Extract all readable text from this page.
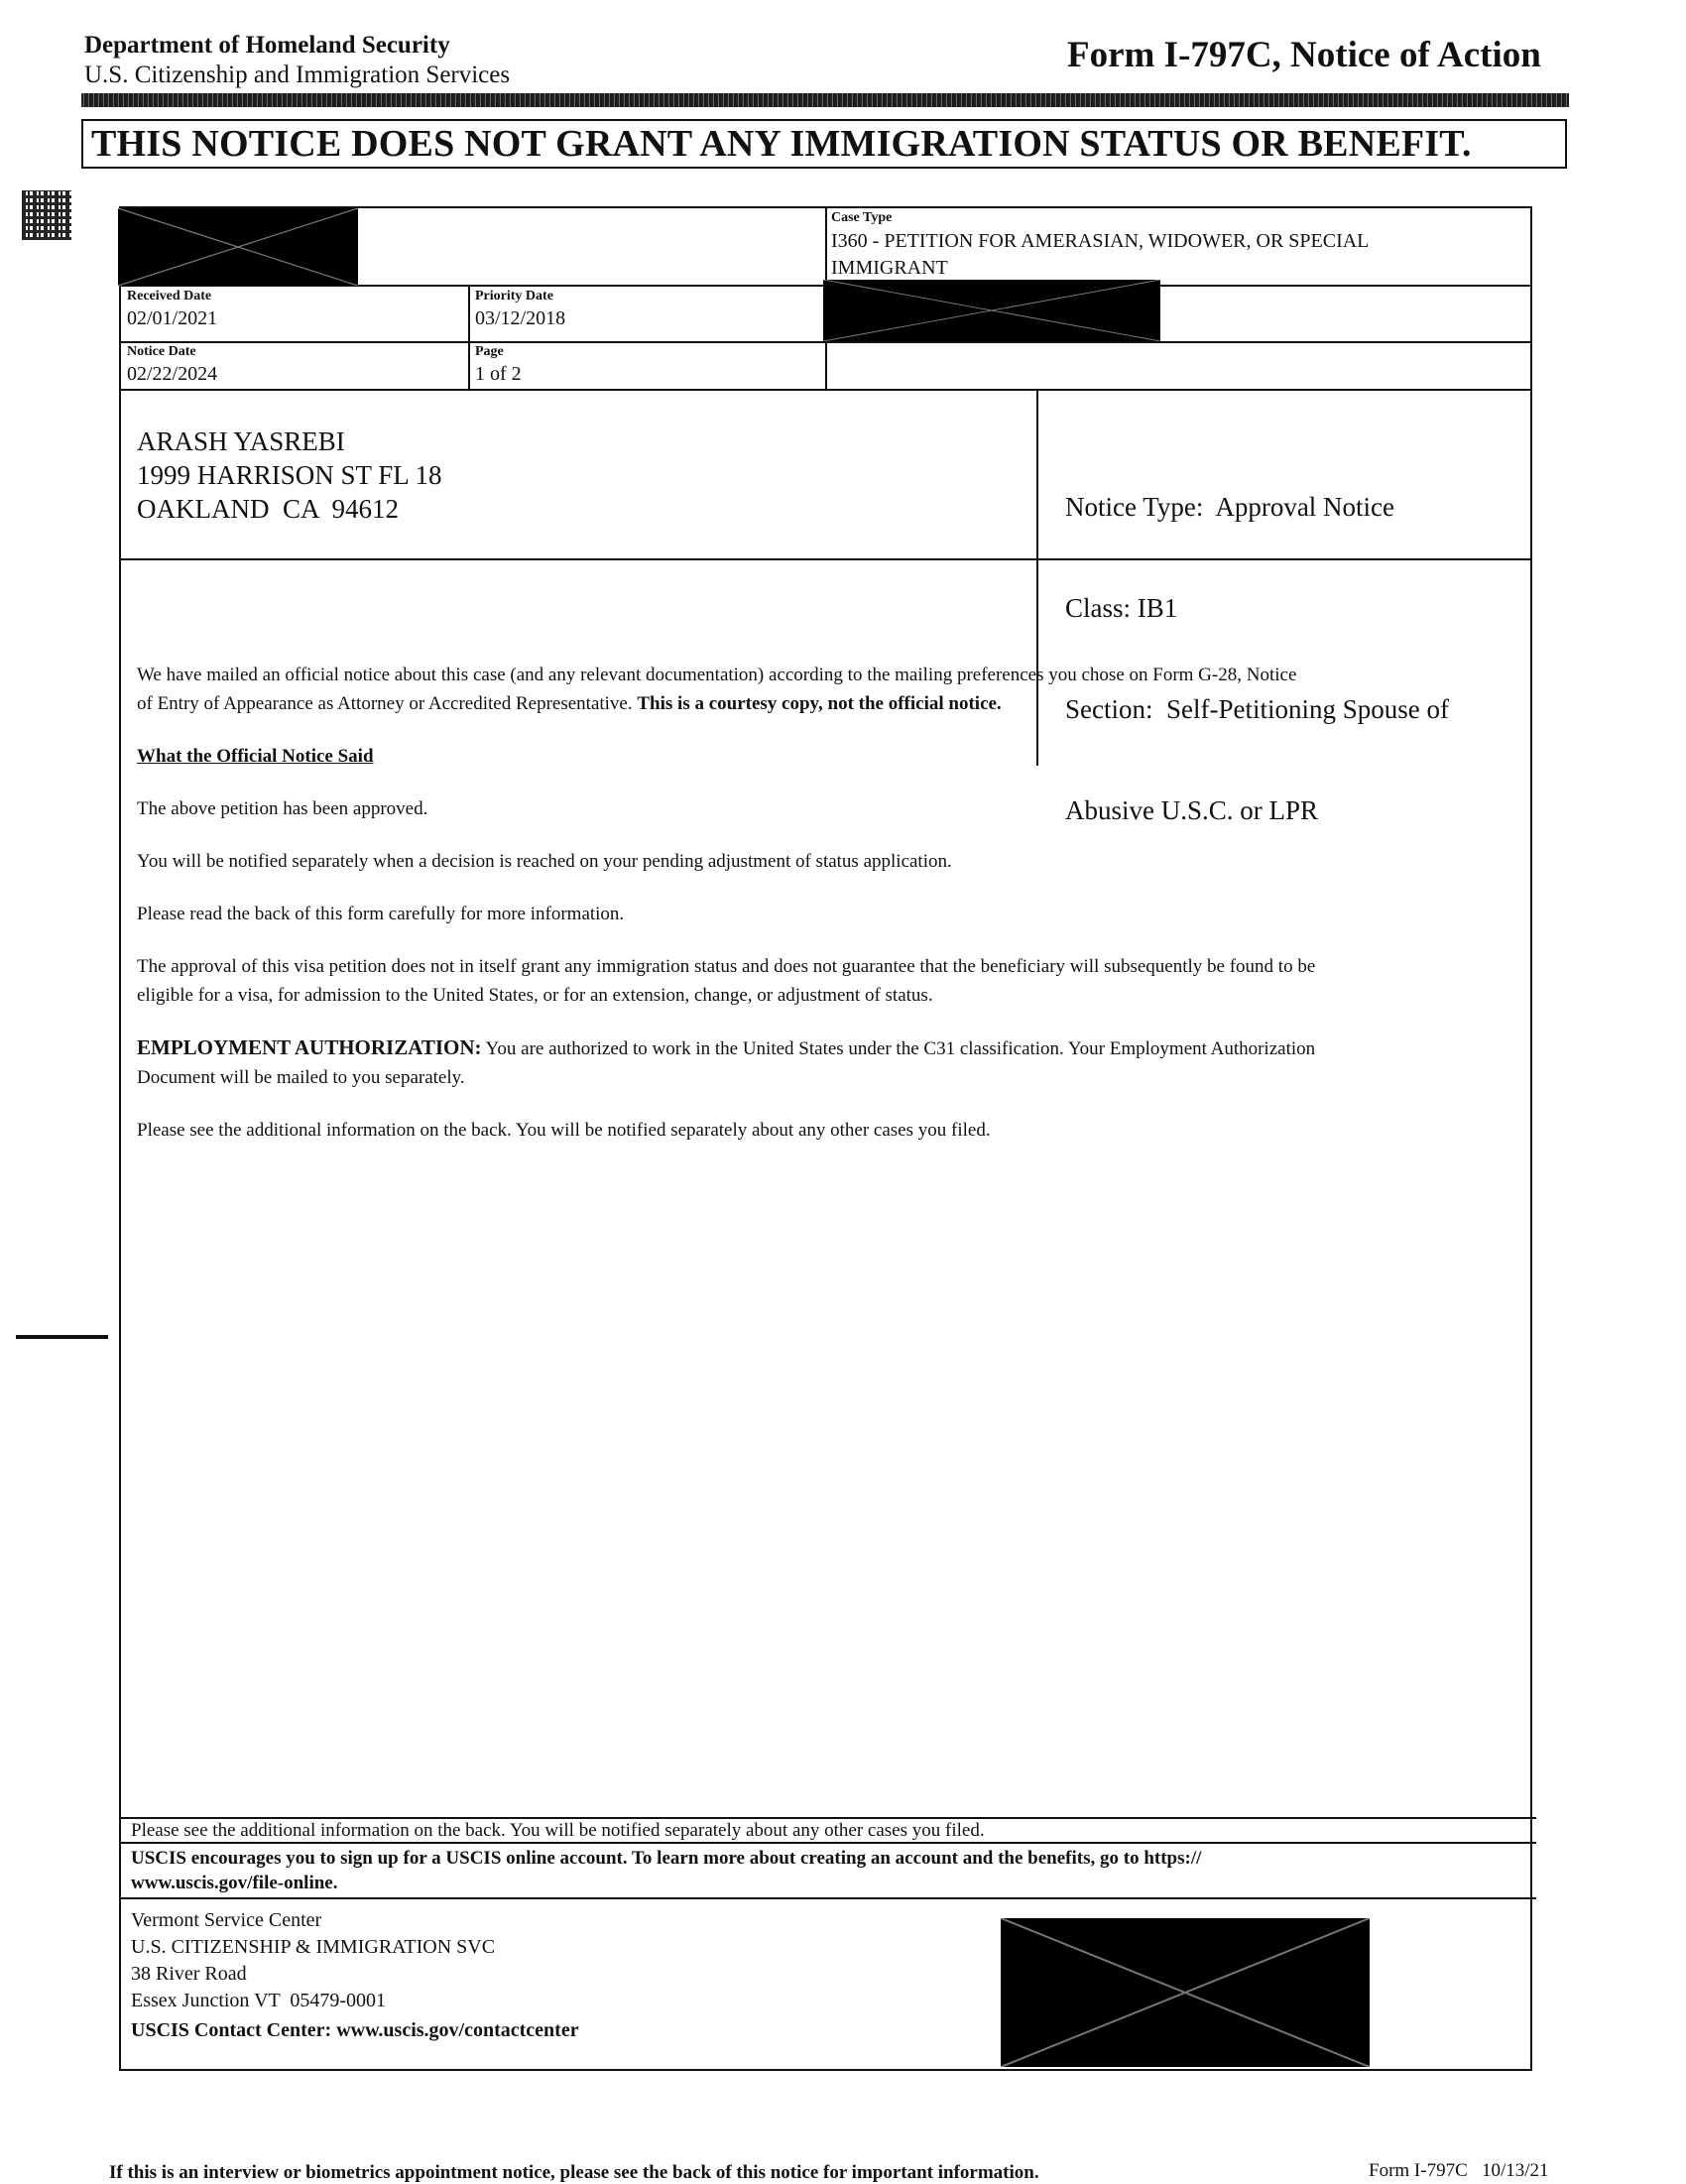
Department of Homeland Security
U.S. Citizenship and Immigration Services	Form I-797C, Notice of Action
THIS NOTICE DOES NOT GRANT ANY IMMIGRATION STATUS OR BENEFIT.
Case Type
I360 - PETITION FOR AMERASIAN, WIDOWER, OR SPECIAL
IMMIGRANT
Received Date
02/01/2021
Priority Date
03/12/2018
Notice Date
02/22/2024
Page
1 of 2
ARASH YASREBI
1999 HARRISON ST FL 18
OAKLAND  CA  94612

	Notice Type:  Approval Notice

Class: IB1

Section:  Self-Petitioning Spouse of

Abusive U.S.C. or LPR

We have mailed an official notice about this case (and any relevant documentation) according to the mailing preferences you chose on Form G-28, Notice
of Entry of Appearance as Attorney or Accredited Representative. This is a courtesy copy, not the official notice.

What the Official Notice Said

The above petition has been approved.

You will be notified separately when a decision is reached on your pending adjustment of status application.

Please read the back of this form carefully for more information.

The approval of this visa petition does not in itself grant any immigration status and does not guarantee that the beneficiary will subsequently be found to be
eligible for a visa, for admission to the United States, or for an extension, change, or adjustment of status.

EMPLOYMENT AUTHORIZATION: You are authorized to work in the United States under the C31 classification. Your Employment Authorization
Document will be mailed to you separately.

Please see the additional information on the back. You will be notified separately about any other cases you filed.

Please see the additional information on the back. You will be notified separately about any other cases you filed.
USCIS encourages you to sign up for a USCIS online account. To learn more about creating an account and the benefits, go to https://
www.uscis.gov/file-online.
Vermont Service Center
U.S. CITIZENSHIP & IMMIGRATION SVC
38 River Road
Essex Junction VT  05479-0001
USCIS Contact Center: www.uscis.gov/contactcenter
If this is an interview or biometrics appointment notice, please see the back of this notice for important information.	Form I-797C   10/13/21
